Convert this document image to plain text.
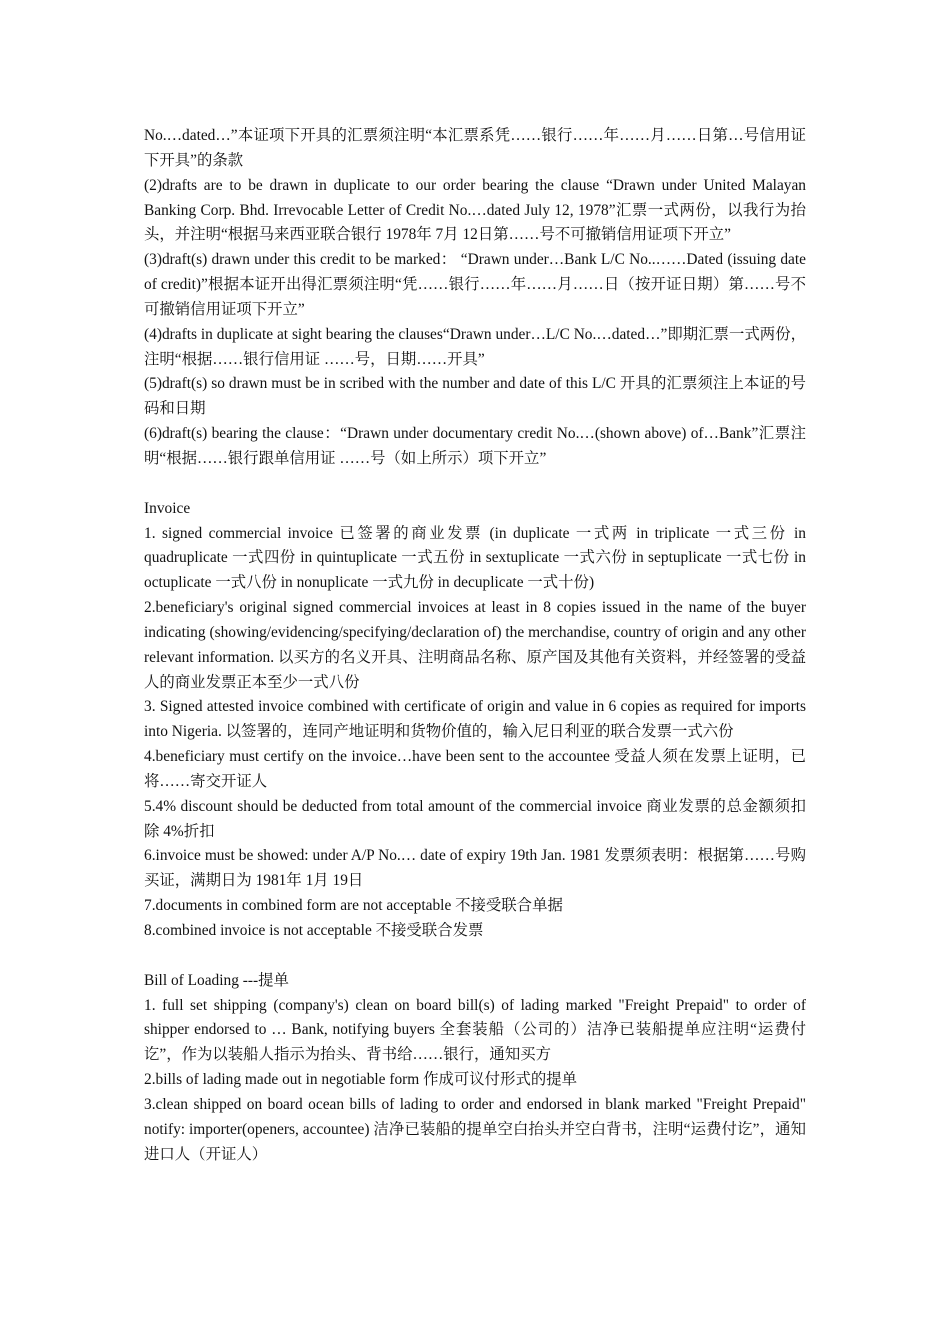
No.…dated…”本证项下开具的汇票须注明“本汇票系凭……银行……年……月……日第…号信用证下开具”的条款

(2)drafts are to be drawn in duplicate to our order bearing the clause “Drawn under United Malayan Banking Corp. Bhd. Irrevocable Letter of Credit No.…dated July 12, 1978”汇票一式两份，以我行为抬头，并注明“根据马来西亚联合银行 1978年 7月 12日第……号不可撤销信用证项下开立”

(3)draft(s) drawn under this credit to be marked： “Drawn under…Bank L/C No..……Dated (issuing date of credit)”根据本证开出得汇票须注明“凭……银行……年……月……日（按开证日期）第……号不可撤销信用证项下开立”

(4)drafts in duplicate at sight bearing the clauses“Drawn under…L/C No.…dated…”即期汇票一式两份，注明“根据……银行信用证 ……号，日期……开具”

(5)draft(s) so drawn must be in scribed with the number and date of this L/C 开具的汇票须注上本证的号码和日期

(6)draft(s) bearing the clause：“Drawn under documentary credit No.…(shown above) of…Bank”汇票注明“根据……银行跟单信用证 ……号（如上所示）项下开立”

Invoice

1. signed commercial invoice 已签署的商业发票 (in duplicate 一式两 in triplicate 一式三份 in quadruplicate 一式四份 in quintuplicate 一式五份 in sextuplicate 一式六份 in septuplicate 一式七份 in octuplicate 一式八份 in nonuplicate 一式九份 in decuplicate 一式十份)

2.beneficiary's original signed commercial invoices at least in 8 copies issued in the name of the buyer indicating (showing/evidencing/specifying/declaration of) the merchandise, country of origin and any other relevant information. 以买方的名义开具、注明商品名称、原产国及其他有关资料，并经签署的受益人的商业发票正本至少一式八份

3. Signed attested invoice combined with certificate of origin and value in 6 copies as required for imports into Nigeria. 以签署的，连同产地证明和货物价值的，输入尼日利亚的联合发票一式六份

4.beneficiary must certify on the invoice…have been sent to the accountee 受益人须在发票上证明，已将……寄交开证人

5.4% discount should be deducted from total amount of the commercial invoice 商业发票的总金额须扣除 4%折扣

6.invoice must be showed: under A/P No.… date of expiry 19th Jan. 1981 发票须表明：根据第……号购买证，满期日为 1981年 1月 19日

7.documents in combined form are not acceptable 不接受联合单据

8.combined invoice is not acceptable 不接受联合发票

Bill of Loading ---提单

1. full set shipping (company's) clean on board bill(s) of lading marked "Freight Prepaid" to order of shipper endorsed to … Bank, notifying buyers 全套装船（公司的）洁净已装船提单应注明“运费付讫”，作为以装船人指示为抬头、背书给……银行，通知买方

2.bills of lading made out in negotiable form 作成可议付形式的提单

3.clean shipped on board ocean bills of lading to order and endorsed in blank marked "Freight Prepaid" notify: importer(openers, accountee) 洁净已装船的提单空白抬头并空白背书，注明“运费付讫”，通知进口人（开证人）
